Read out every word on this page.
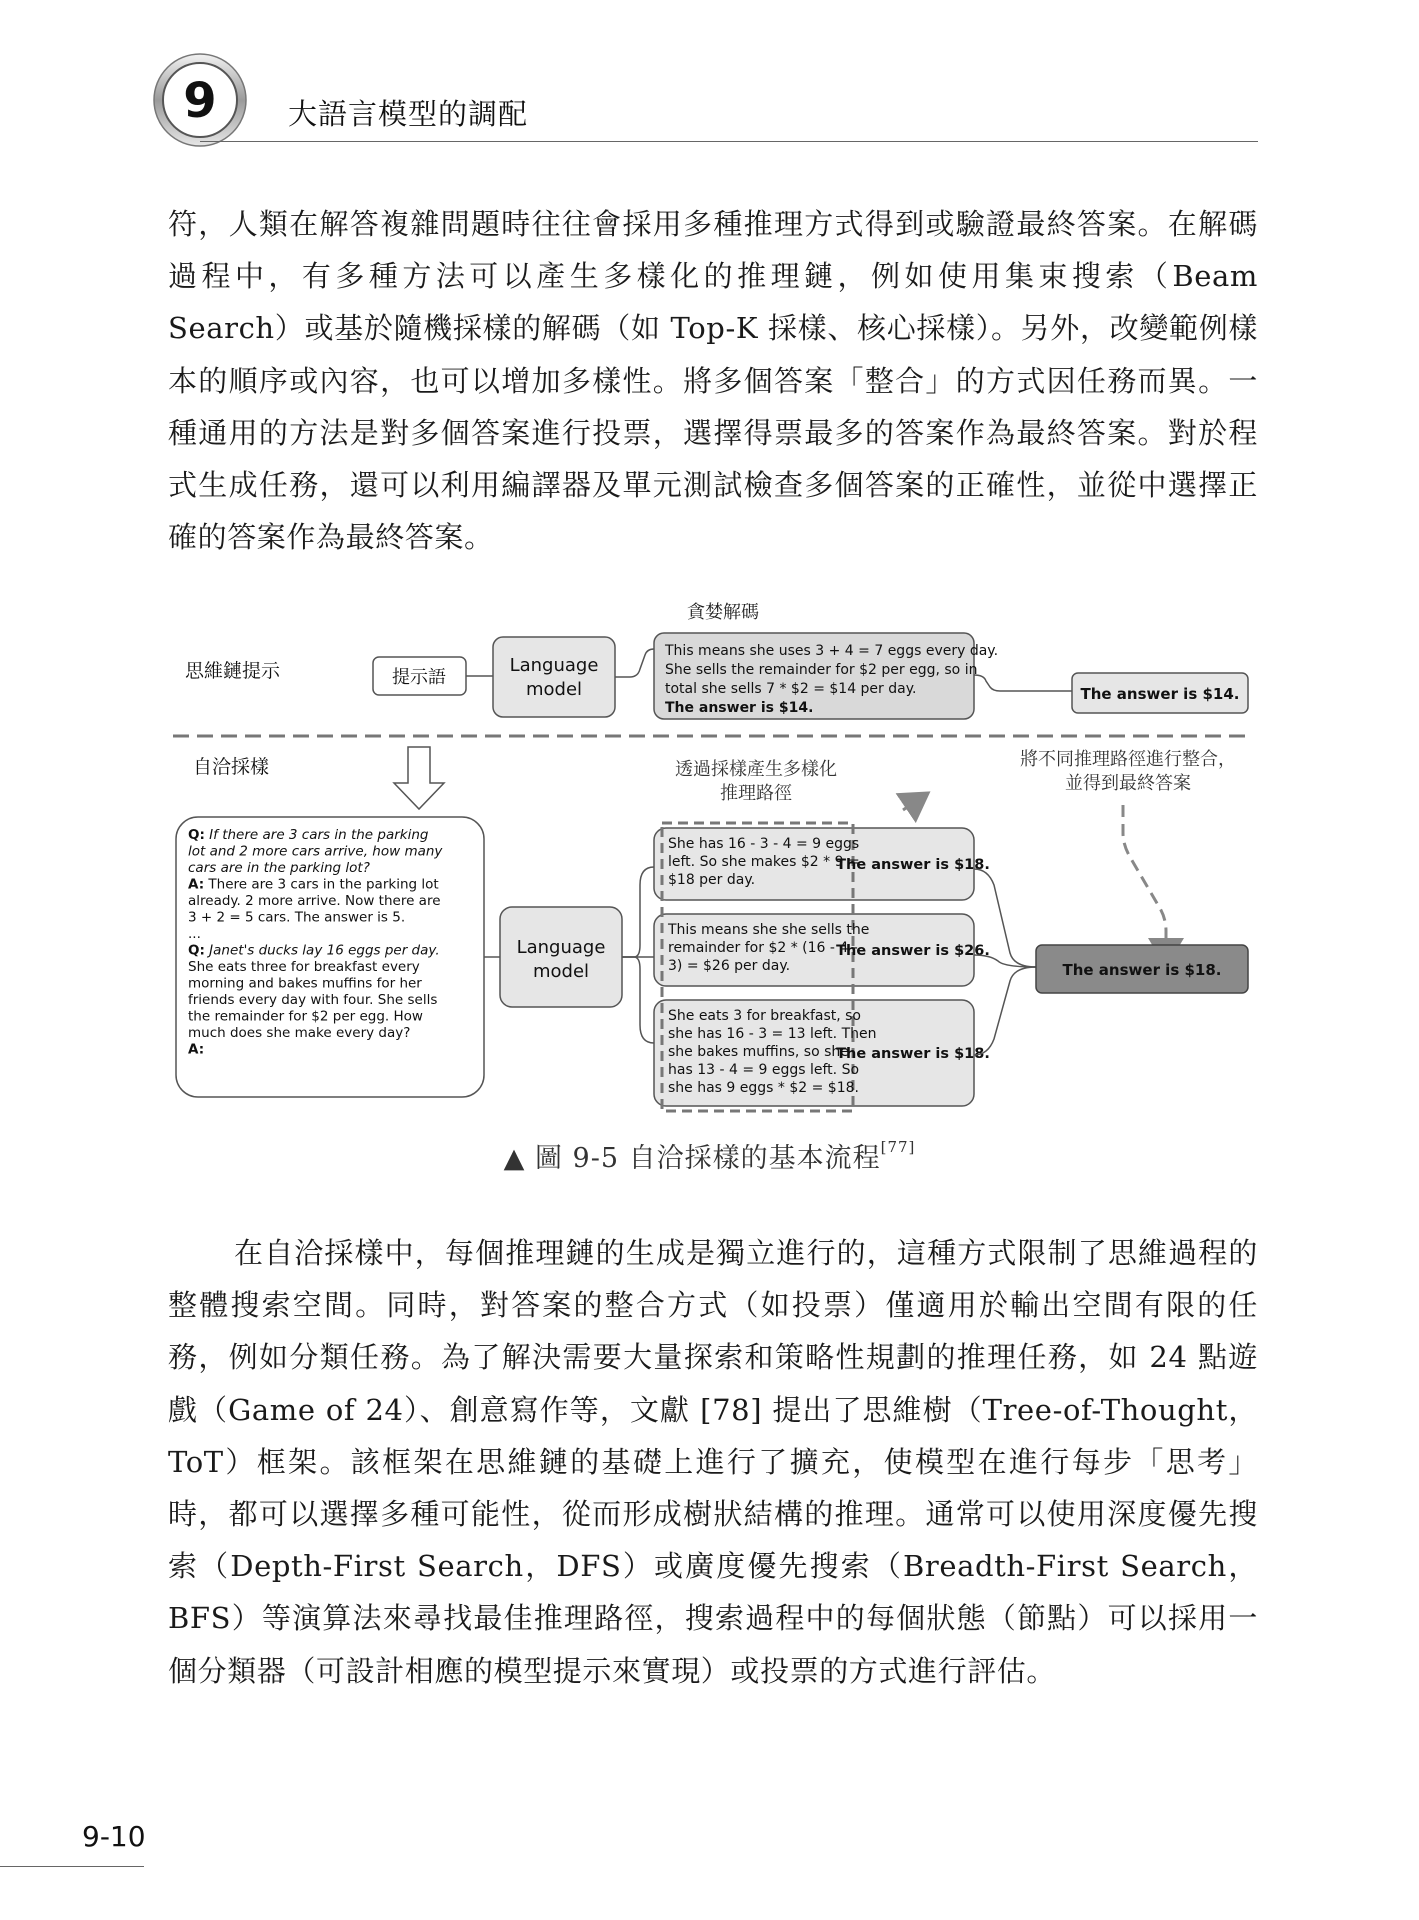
9 大語言模型的調配
符，人類在解答複雜問題時往往會採用多種推理方式得到或驗證最終答案。在解碼過程中，有多種方法可以產生多樣化的推理鏈，例如使用集束搜索（Beam Search）或基於隨機採樣的解碼（如 Top-K 採樣、核心採樣）。另外，改變範例樣本的順序或內容，也可以增加多樣性。將多個答案「整合」的方式因任務而異。一種通用的方法是對多個答案進行投票，選擇得票最多的答案作為最終答案。對於程式生成任務，還可以利用編譯器及單元測試檢查多個答案的正確性，並從中選擇正確的答案作為最終答案。
貪婪解碼
思維鏈提示	提示語
Language
model
This means she uses 3 + 4 = 7 eggs every day.
She sells the remainder for $2 per egg, so in
total she sells 7 * $2 = $14 per day.
The answer is $14.
The answer is $14.
自洽採樣	透過採樣產生多樣化
推理路徑
將不同推理路徑進行整合，
並得到最終答案
Q: If there are 3 cars in the parking
lot and 2 more cars arrive, how many
cars are in the parking lot?
A: There are 3 cars in the parking lot
already. 2 more arrive. Now there are
3 + 2 = 5 cars. The answer is 5.
...
Q: Janet's ducks lay 16 eggs per day.
She eats three for breakfast every
morning and bakes muffins for her
friends every day with four. She sells
the remainder for $2 per egg. How
much does she make every day?
A:
Language
model
She has 16 - 3 - 4 = 9 eggs
left. So she makes $2 * 9 =
$18 per day.
The answer is $18.
This means she she sells the
remainder for $2 * (16 - 4 -
3) = $26 per day.
The answer is $26.
She eats 3 for breakfast, so
she has 16 - 3 = 13 left. Then
she bakes muffins, so she
has 13 - 4 = 9 eggs left. So
she has 9 eggs * $2 = $18.
The answer is $18.
The answer is $18.
▲ 圖 9-5 自洽採樣的基本流程[77]
在自洽採樣中，每個推理鏈的生成是獨立進行的，這種方式限制了思維過程的整體搜索空間。同時，對答案的整合方式（如投票）僅適用於輸出空間有限的任務，例如分類任務。為了解決需要大量探索和策略性規劃的推理任務，如 24 點遊戲（Game of 24）、創意寫作等，文獻 [78] 提出了思維樹（Tree-of-Thought，ToT）框架。該框架在思維鏈的基礎上進行了擴充，使模型在進行每步「思考」時，都可以選擇多種可能性，從而形成樹狀結構的推理。通常可以使用深度優先搜索（Depth-First Search，DFS）或廣度優先搜索（Breadth-First Search，BFS）等演算法來尋找最佳推理路徑，搜索過程中的每個狀態（節點）可以採用一個分類器（可設計相應的模型提示來實現）或投票的方式進行評估。
9-10
